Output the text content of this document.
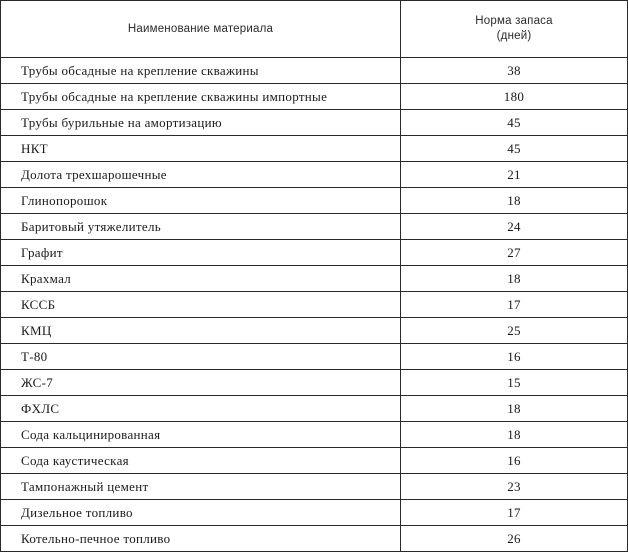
Наименование материала	Норма запаса
(дней)

Трубы обсадные на крепление скважины	38
Трубы обсадные на крепление скважины импортные	180
Трубы бурильные на амортизацию	45
НКТ	45
Долота трехшарошечные	21
Глинопорошок	18
Баритовый утяжелитель	24
Графит	27
Крахмал	18
КССБ	17
КМЦ	25
Т-80	16
ЖС-7	15
ФХЛС	18
Сода кальцинированная	18
Сода каустическая	16
Тампонажный цемент	23
Дизельное топливо	17
Котельно-печное топливо	26
